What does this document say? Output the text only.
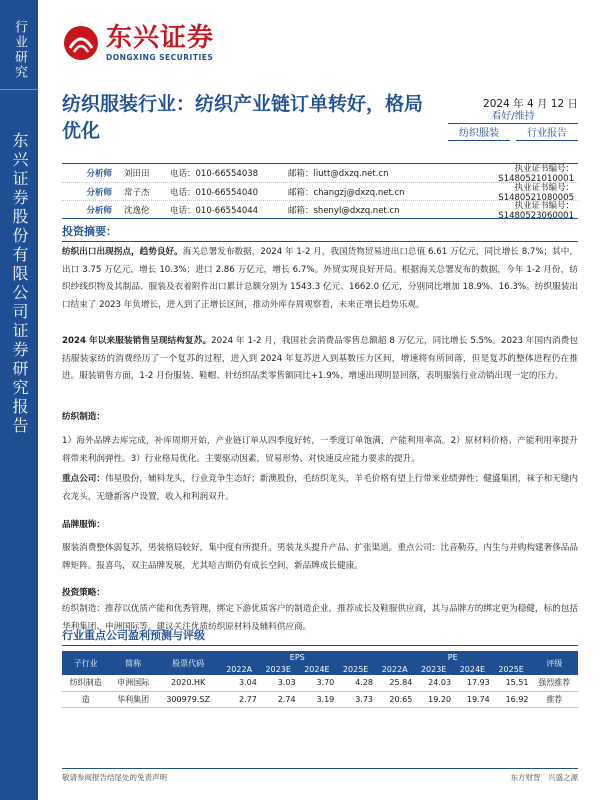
行业研究
东兴证券股份有限公司证券研究报告
东兴证券
DONGXING SECURITIES
纺织服装行业：纺织产业链订单转好，格局优化
2024 年 4 月 12 日
看好/维持
纺织服装	行业报告
分析师	刘田田	电话：010-66554038	邮箱：liutt@dxzq.net.cn	执业证书编号：S1480521010001
分析师	常子杰	电话：010-66554040	邮箱：changzj@dxzq.net.cn	执业证书编号：S1480521080005
分析师	沈逸伦	电话：010-66554044	邮箱：shenyl@dxzq.net.cn	执业证书编号：S1480523060001
投资摘要：
纺织出口出现拐点，趋势良好。海关总署发布数据，2024 年 1-2 月，我国货物贸易进出口总值 6.61 万亿元，同比增长 8.7%；其中，出口 3.75 万亿元，增长 10.3%；进口 2.86 万亿元，增长 6.7%。外贸实现良好开局。根据海关总署发布的数据，今年 1-2 月份，纺织纱线织物及其制品、服装及衣着附件出口累计总额分别为 1543.3 亿元、1662.0 亿元，分别同比增加 18.9%、16.3%。纺织服装出口结束了 2023 年负增长，进入到了正增长区间，推动外库存周观察看，未来正增长趋势乐观。
2024 年以来服装销售呈现结构复苏。2024 年 1-2 月，我国社会消费品零售总额超 8 万亿元，同比增长 5.5%。2023 年国内消费包括服装家纺的消费经历了一个复苏的过程，进入到 2024 年复苏进入到基数压力区间，增速将有所回落，但是复苏的整体进程仍在推进。服装销售方面，1-2 月份服装、鞋帽、针纺织品类零售额同比+1.9%，增速出现明显回落，表明服装行业动销出现一定的压力。
纺织制造：
1）海外品牌去库完成，补库周期开始，产业链订单从四季度好转，一季度订单饱满，产能利用率高。2）原材料价格、产能利用率提升将带来利润弹性。3）行业格局优化。主要驱动因素，贸易形势、对快速反应能力要求的提升。
重点公司：伟星股份，辅料龙头，行业竞争生态好；新澳股份，毛纺织龙头，羊毛价格有望上行带来业绩弹性；健盛集团，袜子和无缝内衣龙头，无缝新客户设置，收入和利润双升。
品牌服饰：
服装消费整体弱复苏，男装格局较好，集中度有所提升。男装龙头提升产品、扩张渠道。重点公司：比音勒芬，内生与并购构建奢侈品品牌矩阵。报喜鸟，双主品牌发展，尤其哈吉斯仍有成长空间，新品牌成长健康。
投资策略：
纺织制造：推荐以优质产能和优秀管理，绑定下游优质客户的制造企业，推荐成长及鞋服供应商，其与品牌方的绑定更为稳健，标的包括华利集团、申洲国际等。建议关注优质纺织原材料及辅料供应商。
行业重点公司盈利预测与评级
子行业	简称	股票代码	EPS				PE				评级
			2022A	2023E	2024E	2025E	2022A	2023E	2024E	2025E	
纺织制造	申洲国际	2020.HK	3.04	3.03	3.70	4.28	25.84	24.03	17.93	15.51	强烈推荐
造	华利集团	300979.SZ	2.77	2.74	3.19	3.73	20.65	19.20	19.74	16.92	推荐
敬请参阅报告结尾处的免责声明	东方财智　兴盛之源
